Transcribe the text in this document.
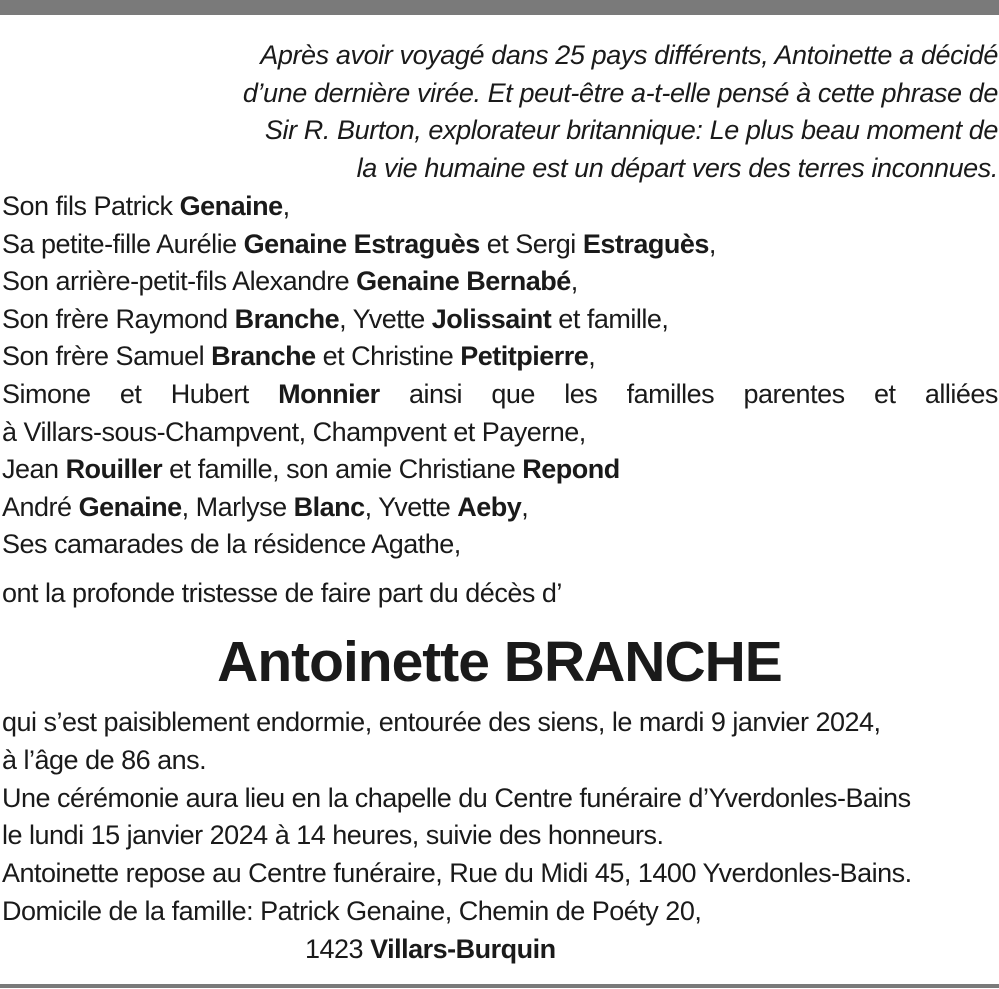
Après avoir voyagé dans 25 pays différents, Antoinette a décidé
d’une dernière virée. Et peut-être a-t-elle pensé à cette phrase de
Sir R. Burton, explorateur britannique: Le plus beau moment de
la vie humaine est un départ vers des terres inconnues.
Son fils Patrick Genaine,
Sa petite-fille Aurélie Genaine Estraguès et Sergi Estraguès,
Son arrière-petit-fils Alexandre Genaine Bernabé,
Son frère Raymond Branche, Yvette Jolissaint et famille,
Son frère Samuel Branche et Christine Petitpierre,
Simone et Hubert Monnier ainsi que les familles parentes et alliées
à Villars-sous-Champvent, Champvent et Payerne,
Jean Rouiller et famille, son amie Christiane Repond
André Genaine, Marlyse Blanc, Yvette Aeby,
Ses camarades de la résidence Agathe,
ont la profonde tristesse de faire part du décès d’
Antoinette BRANCHE
qui s’est paisiblement endormie, entourée des siens, le mardi 9 janvier 2024,
à l’âge de 86 ans.
Une cérémonie aura lieu en la chapelle du Centre funéraire d’Yverdonles-Bains
le lundi 15 janvier 2024 à 14 heures, suivie des honneurs.
Antoinette repose au Centre funéraire, Rue du Midi 45, 1400 Yverdonles-Bains.
Domicile de la famille: Patrick Genaine, Chemin de Poéty 20,
1423 Villars-Burquin
